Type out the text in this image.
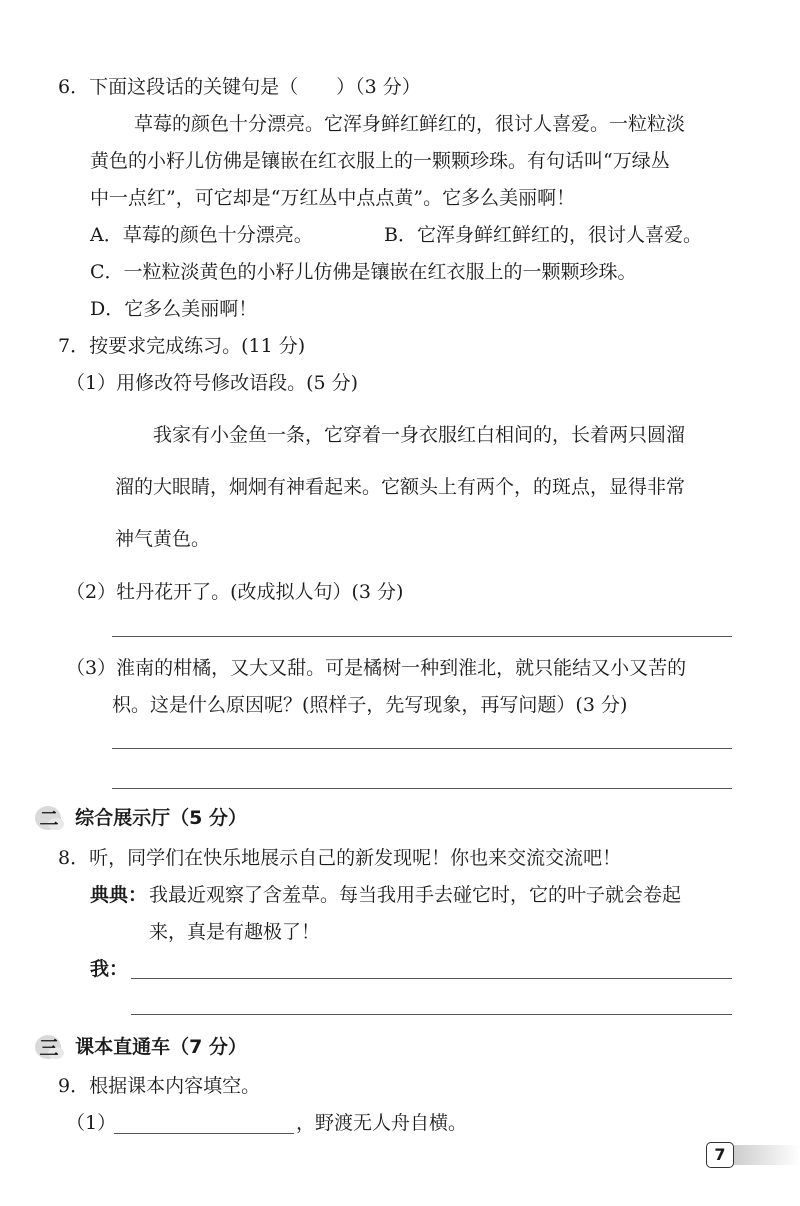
6．下面这段话的关键句是（　　）（3 分）
草莓的颜色十分漂亮。它浑身鲜红鲜红的，很讨人喜爱。一粒粒淡
黄色的小籽儿仿佛是镶嵌在红衣服上的一颗颗珍珠。有句话叫“万绿丛
中一点红”，可它却是“万红丛中点点黄”。它多么美丽啊！
A．草莓的颜色十分漂亮。	B．它浑身鲜红鲜红的，很讨人喜爱。
C．一粒粒淡黄色的小籽儿仿佛是镶嵌在红衣服上的一颗颗珍珠。
D．它多么美丽啊！
7．按要求完成练习。(11 分)
（1）用修改符号修改语段。(5 分)
我家有小金鱼一条，它穿着一身衣服红白相间的，长着两只圆溜
溜的大眼睛，炯炯有神看起来。它额头上有两个，的斑点，显得非常
神气黄色。
（2）牡丹花开了。(改成拟人句）(3 分)
（3）淮南的柑橘，又大又甜。可是橘树一种到淮北，就只能结又小又苦的
枳。这是什么原因呢？(照样子，先写现象，再写问题）(3 分)
二 综合展示厅（5 分）
8．听，同学们在快乐地展示自己的新发现呢！你也来交流交流吧！
典典： 我最近观察了含羞草。每当我用手去碰它时，它的叶子就会卷起
来，真是有趣极了！
我：
三 课本直通车（7 分）
9．根据课本内容填空。
（1）	，野渡无人舟自横。
7
